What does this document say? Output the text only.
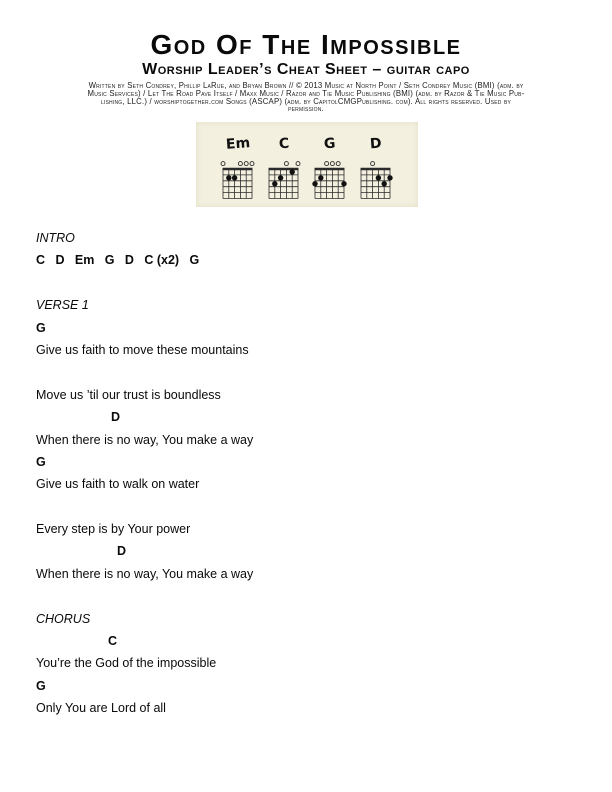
God Of The Impossible
Worship Leader’s Cheat Sheet – guitar capo
Written by Seth Condrey, Phillip LaRue, and Bryan Brown // © 2013 Music at North Point / Seth Condrey Music (BMI) (adm. by
Music Services) / Let The Road Pave Itself / Maxx Music / Razor and Tie Music Publishing (BMI) (adm. by Razor & Tie Music Pub-
lishing, LLC.) / worshiptogether.com Songs (ASCAP) (adm. by CapitolCMGPublishing. com). All rights reserved. Used by
permission.
Em C G D
INTRO
C   D   Em   G   D   C (x2)   G
VERSE 1
G
Give us faith to move these mountains
Move us ’til our trust is boundless
D
When there is no way, You make a way
G
Give us faith to walk on water
Every step is by Your power
D
When there is no way, You make a way
CHORUS
C
You’re the God of the impossible
G
Only You are Lord of all
